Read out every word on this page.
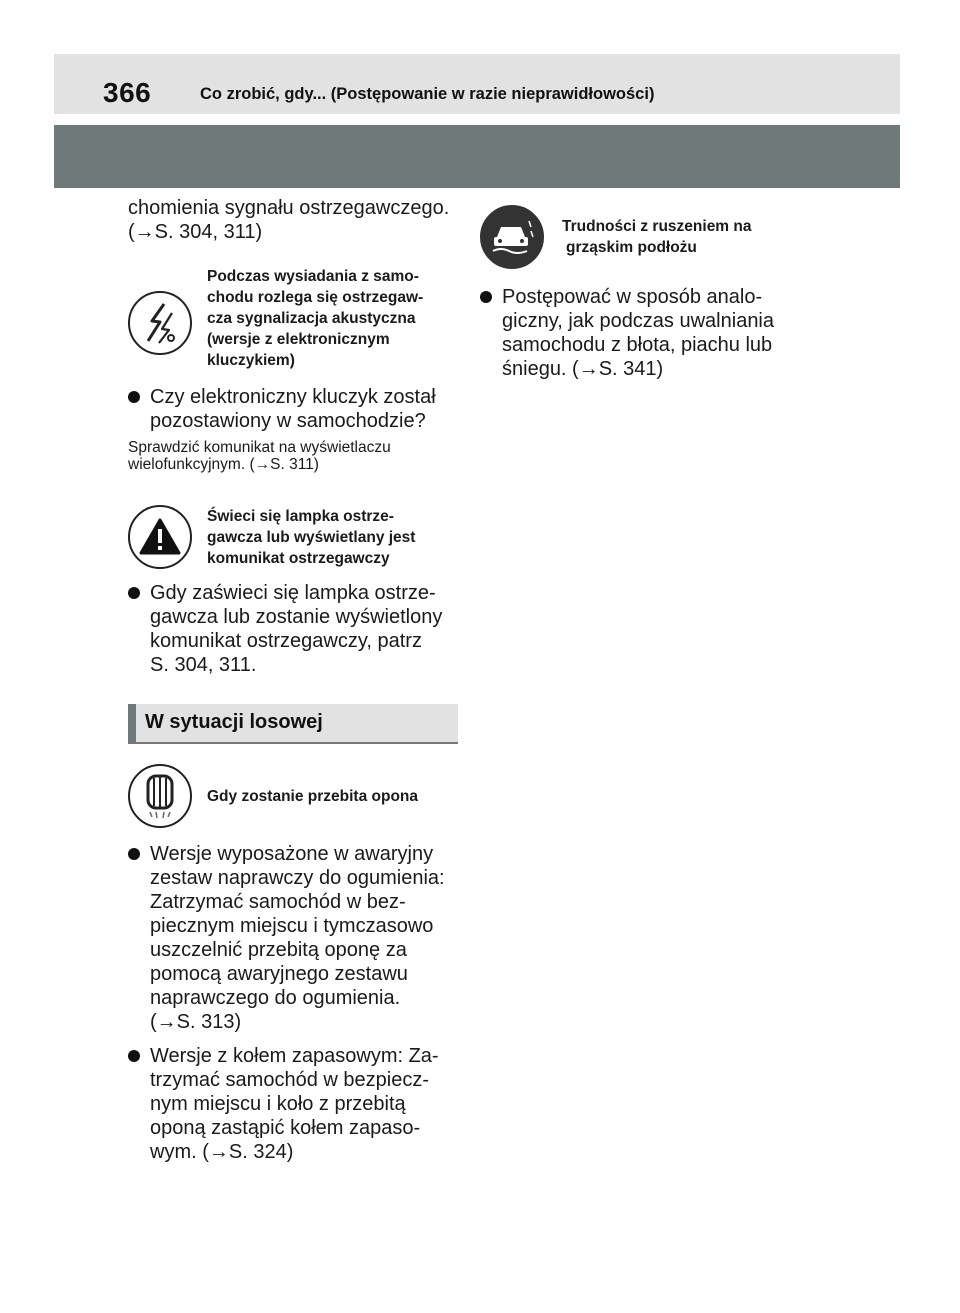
366	Co zrobić, gdy... (Postępowanie w razie nieprawidłowości)

chomienia sygnału ostrzegawczego.

(→S. 304, 311)

Podczas wysiadania z samo-
chodu rozlega się ostrzegaw-
cza sygnalizacja akustyczna
(wersje z elektronicznym
kluczykiem)

Czy elektroniczny kluczyk został

pozostawiony w samochodzie?

Sprawdzić komunikat na wyświetlaczu

wielofunkcyjnym. (→S. 311)

Świeci się lampka ostrze-
gawcza lub wyświetlany jest
komunikat ostrzegawczy

Gdy zaświeci się lampka ostrze-

gawcza lub zostanie wyświetlony

komunikat ostrzegawczy, patrz

S. 304, 311.

W sytuacji losowej
Gdy zostanie przebita opona

Wersje wyposażone w awaryjny

zestaw naprawczy do ogumienia:

Zatrzymać samochód w bez-

piecznym miejscu i tymczasowo

uszczelnić przebitą oponę za

pomocą awaryjnego zestawu

naprawczego do ogumienia.

(→S. 313)

Wersje z kołem zapasowym: Za-

trzymać samochód w bezpiecz-

nym miejscu i koło z przebitą

oponą zastąpić kołem zapaso-

wym. (→S. 324)

Trudności z ruszeniem na
grząskim podłożu

Postępować w sposób analo-

giczny, jak podczas uwalniania

samochodu z błota, piachu lub

śniegu. (→S. 341)
